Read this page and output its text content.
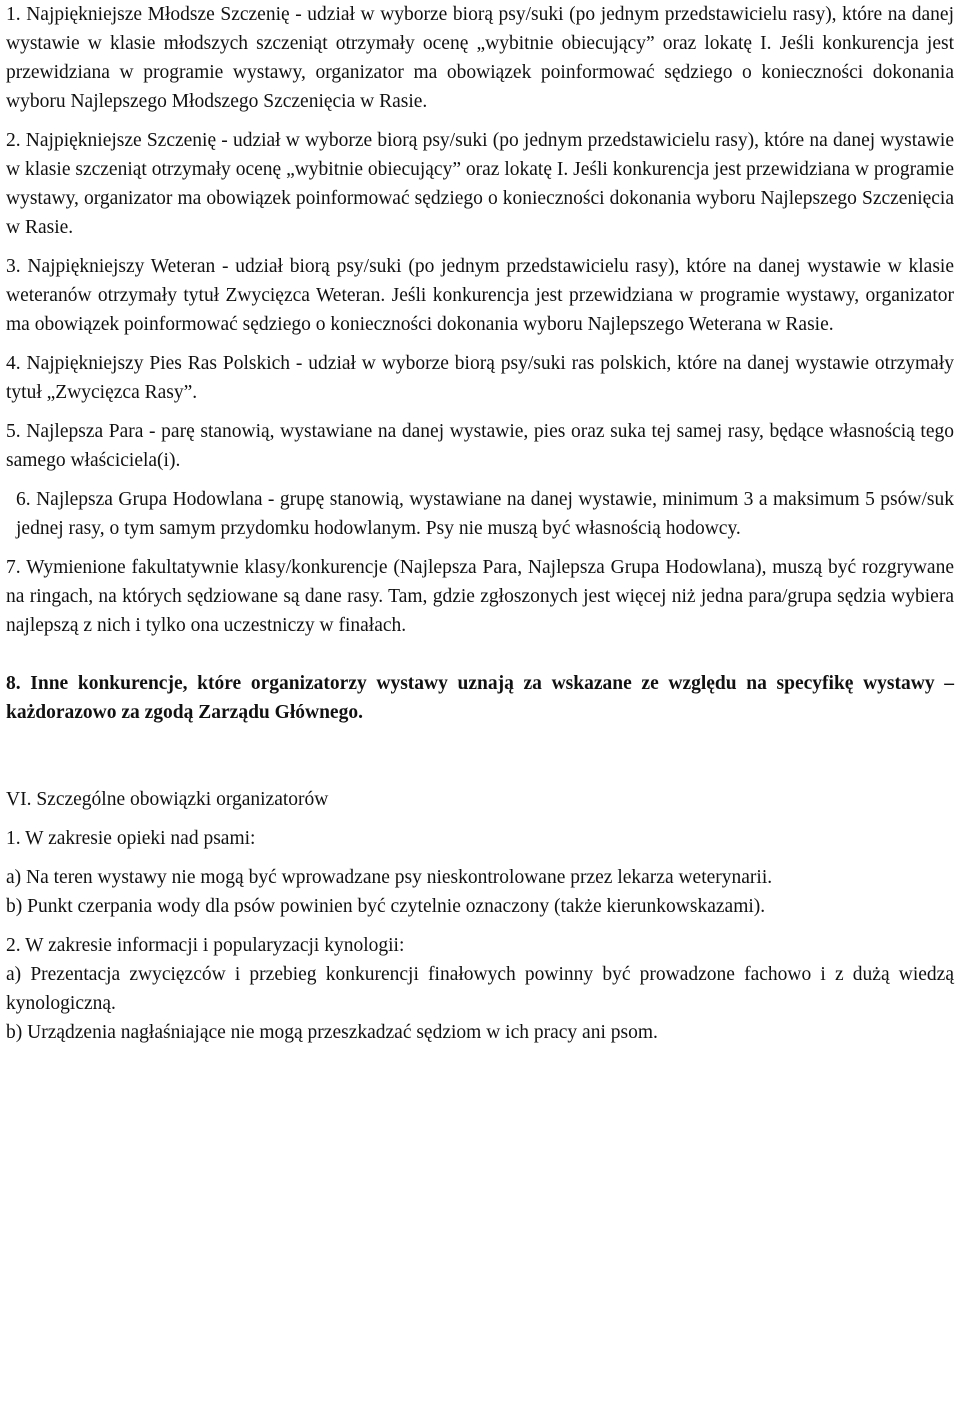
1. Najpiękniejsze Młodsze Szczenię - udział w wyborze biorą psy/suki (po jednym przedstawicielu rasy), które na danej wystawie w klasie młodszych szczeniąt otrzymały ocenę „wybitnie obiecujący” oraz lokatę I. Jeśli konkurencja jest przewidziana w programie wystawy, organizator ma obowiązek poinformować sędziego o konieczności dokonania wyboru Najlepszego Młodszego Szczenięcia w Rasie.

2. Najpiękniejsze Szczenię - udział w wyborze biorą psy/suki (po jednym przedstawicielu rasy), które na danej wystawie w klasie szczeniąt otrzymały ocenę „wybitnie obiecujący” oraz lokatę I. Jeśli konkurencja jest przewidziana w programie wystawy, organizator ma obowiązek poinformować sędziego o konieczności dokonania wyboru Najlepszego Szczenięcia w Rasie.

3. Najpiękniejszy Weteran - udział biorą psy/suki (po jednym przedstawicielu rasy), które na danej wystawie w klasie weteranów otrzymały tytuł Zwycięzca Weteran. Jeśli konkurencja jest przewidziana w programie wystawy, organizator ma obowiązek poinformować sędziego o konieczności dokonania wyboru Najlepszego Weterana w Rasie.

4. Najpiękniejszy Pies Ras Polskich - udział w wyborze biorą psy/suki ras polskich, które na danej wystawie otrzymały tytuł „Zwycięzca Rasy”.

5. Najlepsza Para - parę stanowią, wystawiane na danej wystawie, pies oraz suka tej samej rasy, będące własnością tego samego właściciela(i).

6. Najlepsza Grupa Hodowlana - grupę stanowią, wystawiane na danej wystawie, minimum 3 a maksimum 5 psów/suk jednej rasy, o tym samym przydomku hodowlanym. Psy nie muszą być własnością hodowcy.

7. Wymienione fakultatywnie klasy/konkurencje (Najlepsza Para, Najlepsza Grupa Hodowlana), muszą być rozgrywane na ringach, na których sędziowane są dane rasy. Tam, gdzie zgłoszonych jest więcej niż jedna para/grupa sędzia wybiera najlepszą z nich i tylko ona uczestniczy w finałach.

8. Inne konkurencje, które organizatorzy wystawy uznają za wskazane ze względu na specyfikę wystawy – każdorazowo za zgodą Zarządu Głównego.

VI. Szczególne obowiązki organizatorów

1. W zakresie opieki nad psami:

a) Na teren wystawy nie mogą być wprowadzane psy nieskontrolowane przez lekarza weterynarii.

b) Punkt czerpania wody dla psów powinien być czytelnie oznaczony (także kierunkowskazami).

2. W zakresie informacji i popularyzacji kynologii:

a) Prezentacja zwycięzców i przebieg konkurencji finałowych powinny być prowadzone fachowo i z dużą wiedzą kynologiczną.

b) Urządzenia nagłaśniające nie mogą przeszkadzać sędziom w ich pracy ani psom.
